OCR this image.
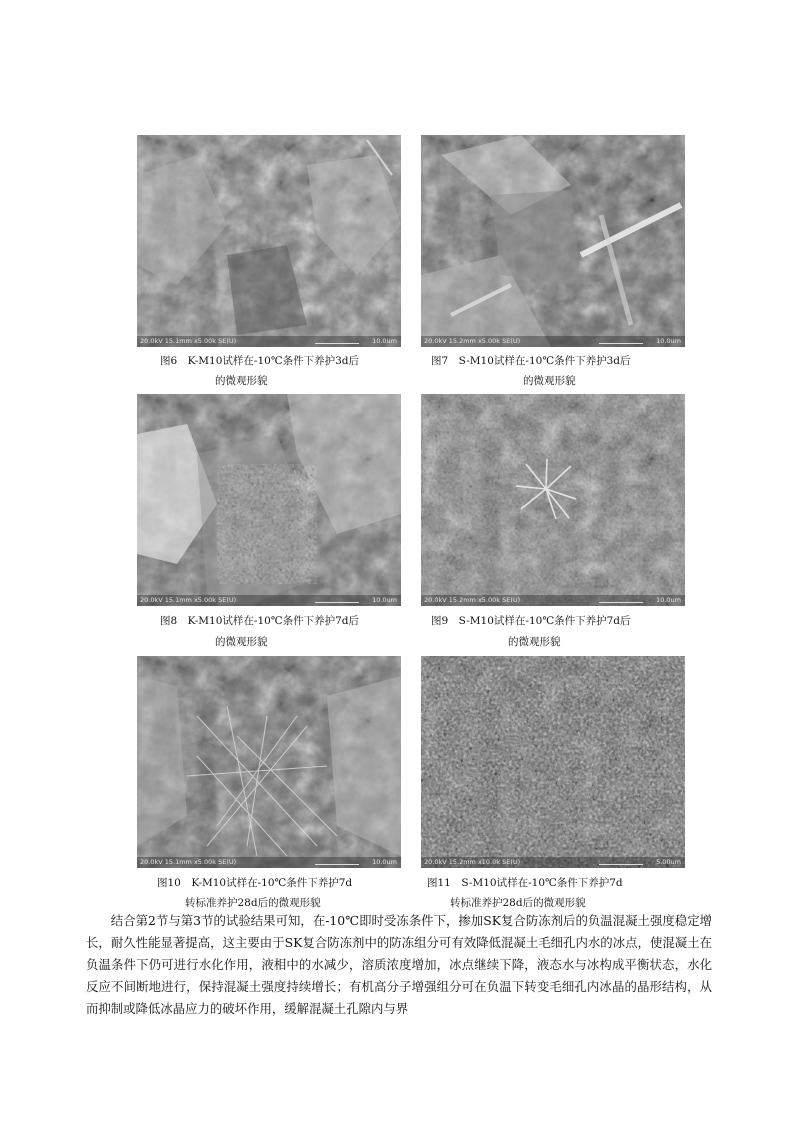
20.0kV 15.1mm x5.00k SE(U)	10.0um	20.0kV 15.2mm x5.00k SE(U)	10.0um
图6　K-M10试样在-10℃条件下养护3d后
的微观形貌
图7　S-M10试样在-10℃条件下养护3d后
的微观形貌
20.0kV 15.1mm x5.00k SE(U)	10.0um	20.0kV 15.2mm x5.00k SE(U)	10.0um
图8　K-M10试样在-10℃条件下养护7d后
的微观形貌
图9　S-M10试样在-10℃条件下养护7d后
的微观形貌
20.0kV 15.1mm x5.00k SE(U)	10.0um	20.0kV 15.2mm x10.0k SE(U)	5.00um
图10　K-M10试样在-10℃条件下养护7d
转标准养护28d后的微观形貌
图11　S-M10试样在-10℃条件下养护7d
转标准养护28d后的微观形貌

结合第2节与第3节的试验结果可知，在-10℃即时受冻条件下，掺加SK复合防冻剂后的负温混凝土强度稳定增长，耐久性能显著提高，这主要由于SK复合防冻剂中的防冻组分可有效降低混凝土毛细孔内水的冰点，使混凝土在负温条件下仍可进行水化作用，液相中的水减少，溶质浓度增加，冰点继续下降，液态水与冰构成平衡状态，水化反应不间断地进行，保持混凝土强度持续增长；有机高分子增强组分可在负温下转变毛细孔内冰晶的晶形结构，从而抑制或降低冰晶应力的破坏作用，缓解混凝土孔隙内与界
